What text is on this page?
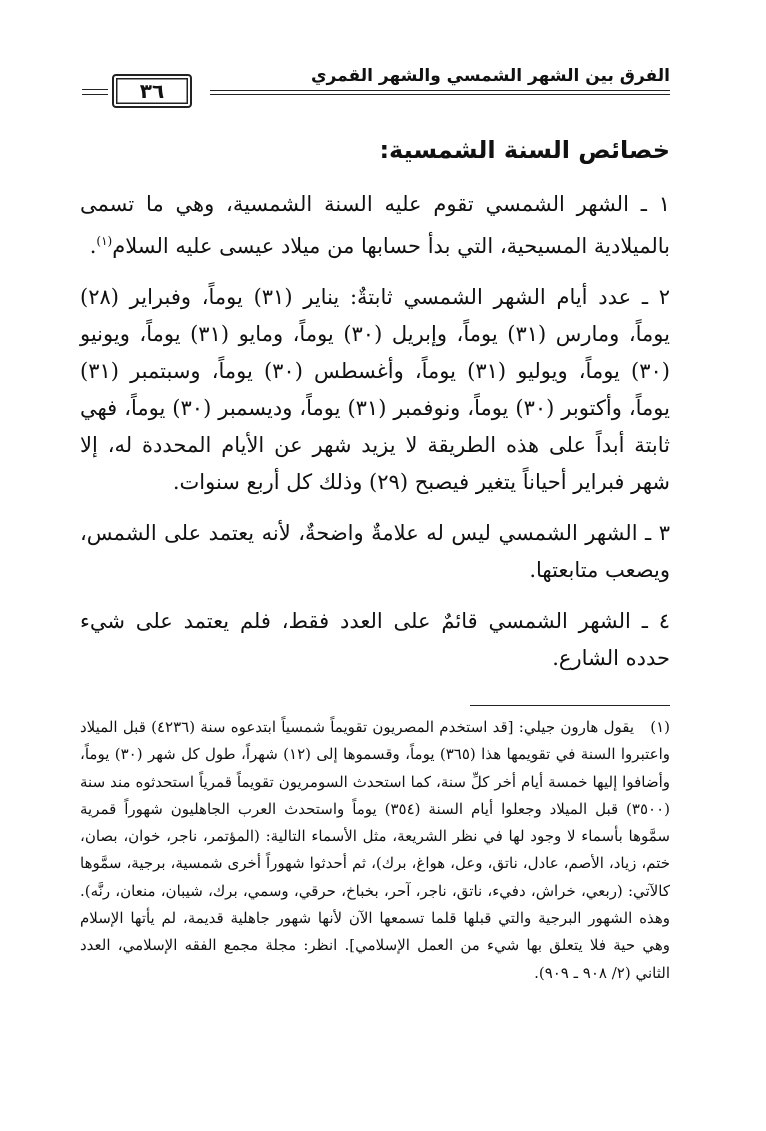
الفرق بين الشهر الشمسي والشهر القمري
٣٦
خصائص السنة الشمسية:

١ ـ الشهر الشمسي تقوم عليه السنة الشمسية، وهي ما تسمى بالميلادية المسيحية، التي بدأ حسابها من ميلاد عيسى عليه السلام$^{(١)}$.

٢ ـ عدد أيام الشهر الشمسي ثابتةٌ: يناير (٣١) يوماً، وفبراير (٢٨) يوماً، ومارس (٣١) يوماً، وإبريل (٣٠) يوماً، ومايو (٣١) يوماً، ويونيو (٣٠) يوماً، ويوليو (٣١) يوماً، وأغسطس (٣٠) يوماً، وسبتمبر (٣١) يوماً، وأكتوبر (٣٠) يوماً، ونوفمبر (٣١) يوماً، وديسمبر (٣٠) يوماً، فهي ثابتة أبداً على هذه الطريقة لا يزيد شهر عن الأيام المحددة له، إلا شهر فبراير أحياناً يتغير فيصبح (٢٩) وذلك كل أربع سنوات.

٣ ـ الشهر الشمسي ليس له علامةٌ واضحةٌ، لأنه يعتمد على الشمس، ويصعب متابعتها.

٤ ـ الشهر الشمسي قائمٌ على العدد فقط، فلم يعتمد على شيء حدده الشارع.

(١)يقول هارون جيلي: [قد استخدم المصريون تقويماً شمسياً ابتدعوه سنة (٤٢٣٦) قبل الميلاد واعتبروا السنة في تقويمها هذا (٣٦٥) يوماً، وقسموها إلى (١٢) شهراً، طول كل شهر (٣٠) يوماً، وأضافوا إليها خمسة أيام أخر كلِّ سنة، كما استحدث السومريون تقويماً قمرياً استحدثوه مند سنة (٣٥٠٠) قبل الميلاد وجعلوا أيام السنة (٣٥٤) يوماً واستحدث العرب الجاهليون شهوراً قمرية سمَّوها بأسماء لا وجود لها في نظر الشريعة، مثل الأسماء التالية: (المؤتمر، ناجر، خوان، بصان، ختم، زياد، الأصم، عادل، ناتق، وعل، هواغ، برك)، ثم أحدثوا شهوراً أخرى شمسية، برجية، سمَّوها كالآتي: (ربعي، خراش، دفيء، ناتق، ناجر، آحر، بخباخ، حرقي، وسمي، برك، شيبان، منعان، رنَّه). وهذه الشهور البرجية والتي قبلها قلما تسمعها الآن لأنها شهور جاهلية قديمة، لم يأتها الإسلام وهي حية فلا يتعلق بها شيء من العمل الإسلامي]. انظر: مجلة مجمع الفقه الإسلامي، العدد الثاني (٢/ ٩٠٨ ـ ٩٠٩).
